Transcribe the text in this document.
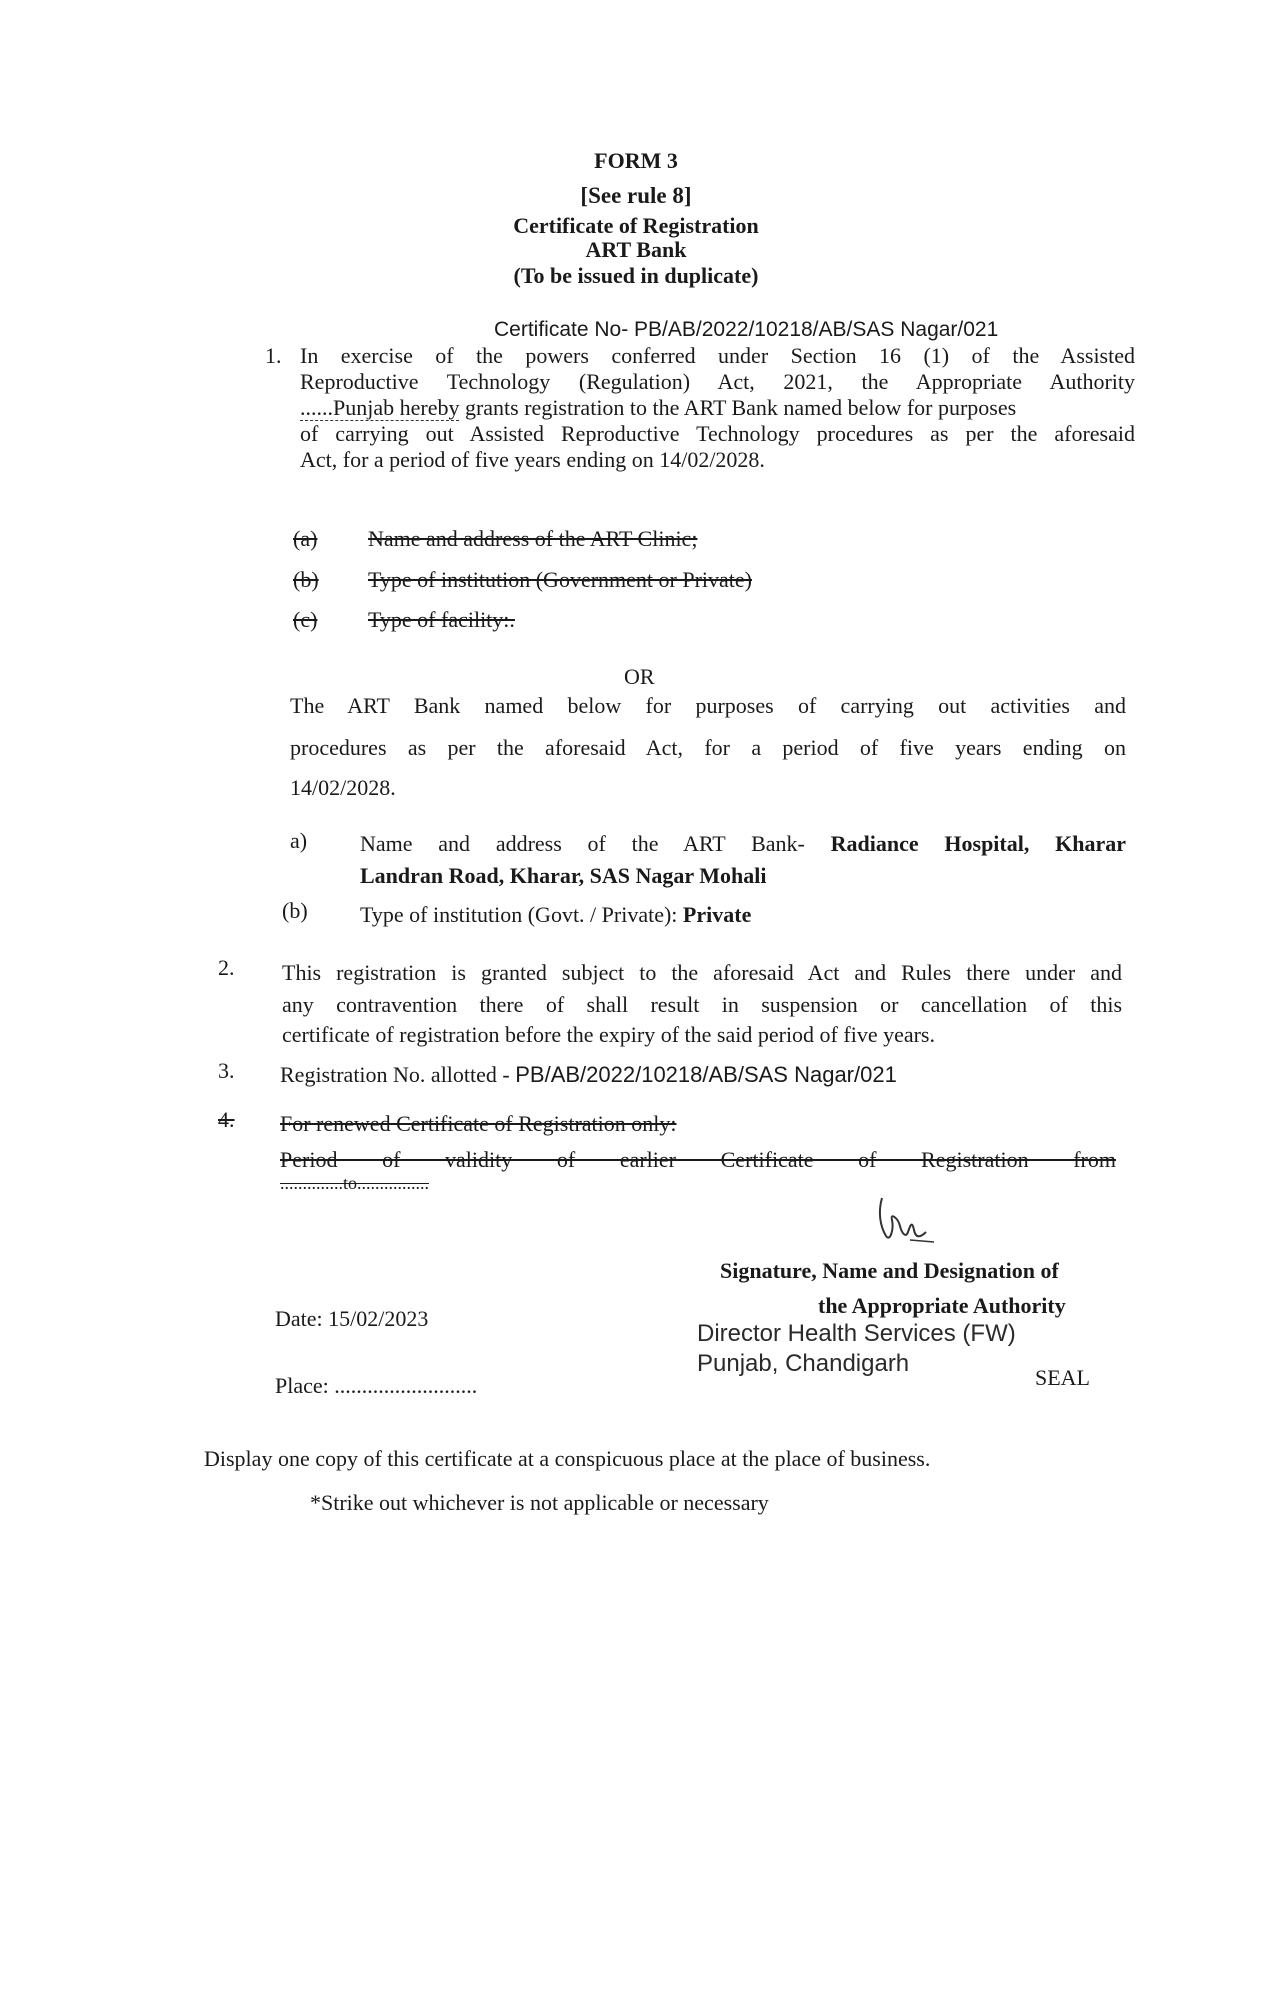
FORM 3
[See rule 8]
Certificate of Registration
ART Bank
(To be issued in duplicate)
Certificate No- PB/AB/2022/10218/AB/SAS Nagar/021
1. In exercise of the powers conferred under Section 16 (1) of the Assisted
Reproductive Technology (Regulation) Act, 2021, the Appropriate Authority
......Punjab hereby grants registration to the ART Bank named below for purposes
of carrying out Assisted Reproductive Technology procedures as per the aforesaid
Act, for a period of five years ending on 14/02/2028.
(a) Name and address of the ART Clinic;
(b) Type of institution (Government or Private)
(c) Type of facility:.
OR
The ART Bank named below for purposes of carrying out activities and
procedures as per the aforesaid Act, for a period of five years ending on
14/02/2028.
a) Name and address of the ART Bank- Radiance Hospital, Kharar
Landran Road, Kharar, SAS Nagar Mohali
(b) Type of institution (Govt. / Private): Private
2. This registration is granted subject to the aforesaid Act and Rules there under and
any contravention there of shall result in suspension or cancellation of this
certificate of registration before the expiry of the said period of five years.
3. Registration No. allotted - PB/AB/2022/10218/AB/SAS Nagar/021
4. For renewed Certificate of Registration only:
Period of validity of earlier Certificate of Registration from
..............to................
Signature, Name and Designation of
the Appropriate Authority
Date: 15/02/2023
Director Health Services (FW)
Punjab, Chandigarh
SEAL
Place: ..........................
Display one copy of this certificate at a conspicuous place at the place of business.
*Strike out whichever is not applicable or necessary
